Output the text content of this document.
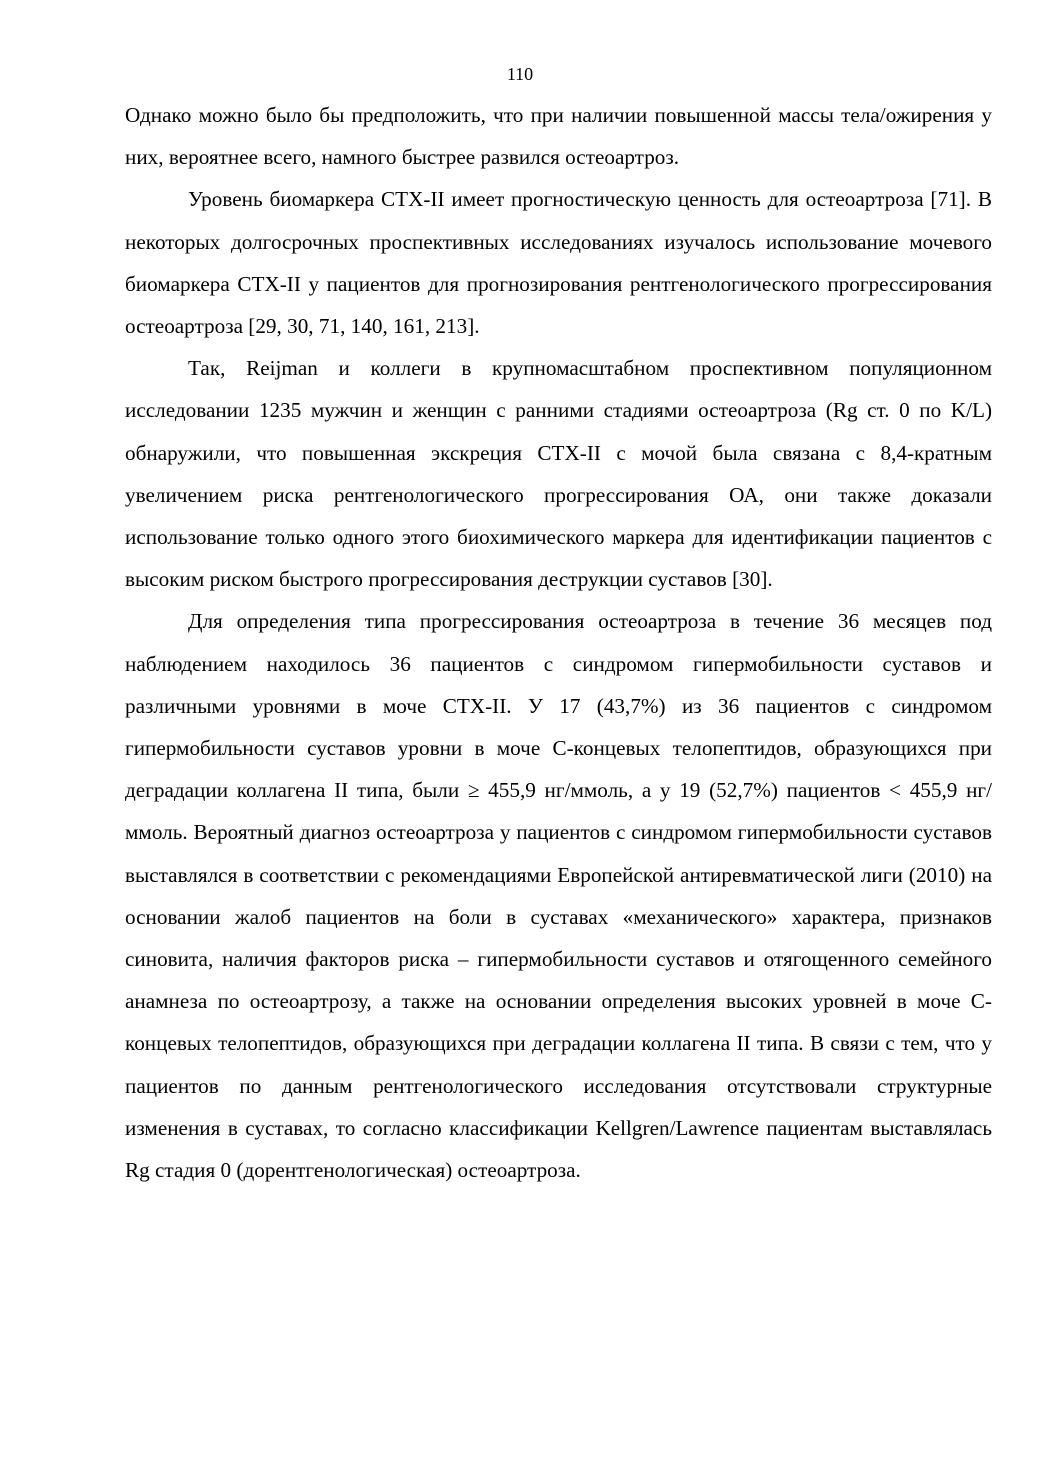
110

Однако можно было бы предположить, что при наличии повышенной массы тела/ожирения у них, вероятнее всего, намного быстрее развился остеоартроз.

Уровень биомаркера CTX-II имеет прогностическую ценность для остеоартроза [71]. В некоторых долгосрочных проспективных исследованиях изучалось использование мочевого биомаркера CTX-II у пациентов для прогнозирования рентгенологического прогрессирования остеоартроза [29, 30, 71, 140, 161, 213].

Так, Reijman и коллеги в крупномасштабном проспективном популяционном исследовании 1235 мужчин и женщин с ранними стадиями остеоартроза (Rg ст. 0 по K/L) обнаружили, что повышенная экскреция CTX-II с мочой была связана с 8,4-кратным увеличением риска рентгенологического прогрессирования ОА, они также доказали использование только одного этого биохимического маркера для идентификации пациентов с высоким риском быстрого прогрессирования деструкции суставов [30].

Для определения типа прогрессирования остеоартроза в течение 36 месяцев под наблюдением находилось 36 пациентов с синдромом гипермобильности суставов и различными уровнями в моче CTX-II. У 17 (43,7%) из 36 пациентов с синдромом гипермобильности суставов уровни в моче С-концевых телопептидов, образующихся при деградации коллагена II типа, были ≥ 455,9 нг/ммоль, а у 19 (52,7%) пациентов < 455,9 нг/ммоль. Вероятный диагноз остеоартроза у пациентов с синдромом гипермобильности суставов выставлялся в соответствии с рекомендациями Европейской антиревматической лиги (2010) на основании жалоб пациентов на боли в суставах «механического» характера, признаков синовита, наличия факторов риска – гипермобильности суставов и отягощенного семейного анамнеза по остеоартрозу, а также на основании определения высоких уровней в моче С-концевых телопептидов, образующихся при деградации коллагена II типа. В связи с тем, что у пациентов по данным рентгенологического исследования отсутствовали структурные изменения в суставах, то согласно классификации Kellgren/Lawrence пациентам выставлялась Rg стадия 0 (дорентгенологическая) остеоартроза.
